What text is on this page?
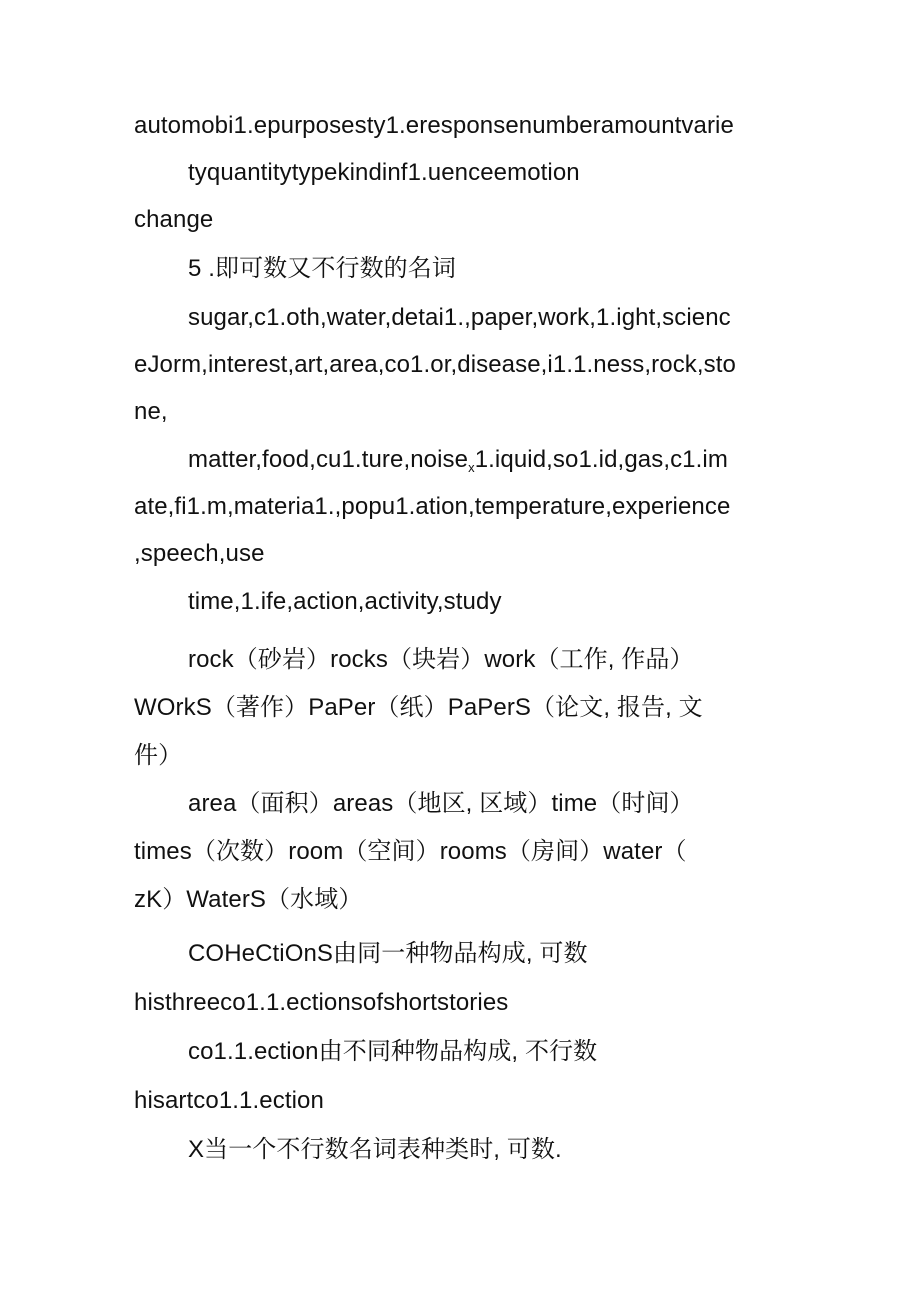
automobi1.epurposesty1.eresponsenumberamountvarie
tyquantitytypekindinf1.uenceemotion
change
5 .即可数又不行数的名词
sugar,c1.oth,water,detai1.,paper,work,1.ight,scienc
eJorm,interest,art,area,co1.or,disease,i1.1.ness,rock,sto
ne,
matter,food,cu1.ture,noise$_x$1.iquid,so1.id,gas,c1.im
ate,fi1.m,materia1.,popu1.ation,temperature,experience
,speech,use
time,1.ife,action,activity,study
rock（砂岩）rocks（块岩）work（工作, 作品）
WOrkS（著作）PaPer（纸）PaPerS（论文, 报告, 文
件）
area（面积）areas（地区, 区域）time（时间）
times（次数）room（空间）rooms（房间）water（
zK）WaterS（水域）
COHeCtiOnS由同一种物品构成, 可数
histhreeco1.1.ectionsofshortstories
co1.1.ection由不同种物品构成, 不行数
hisartco1.1.ection
X当一个不行数名词表种类时, 可数.
